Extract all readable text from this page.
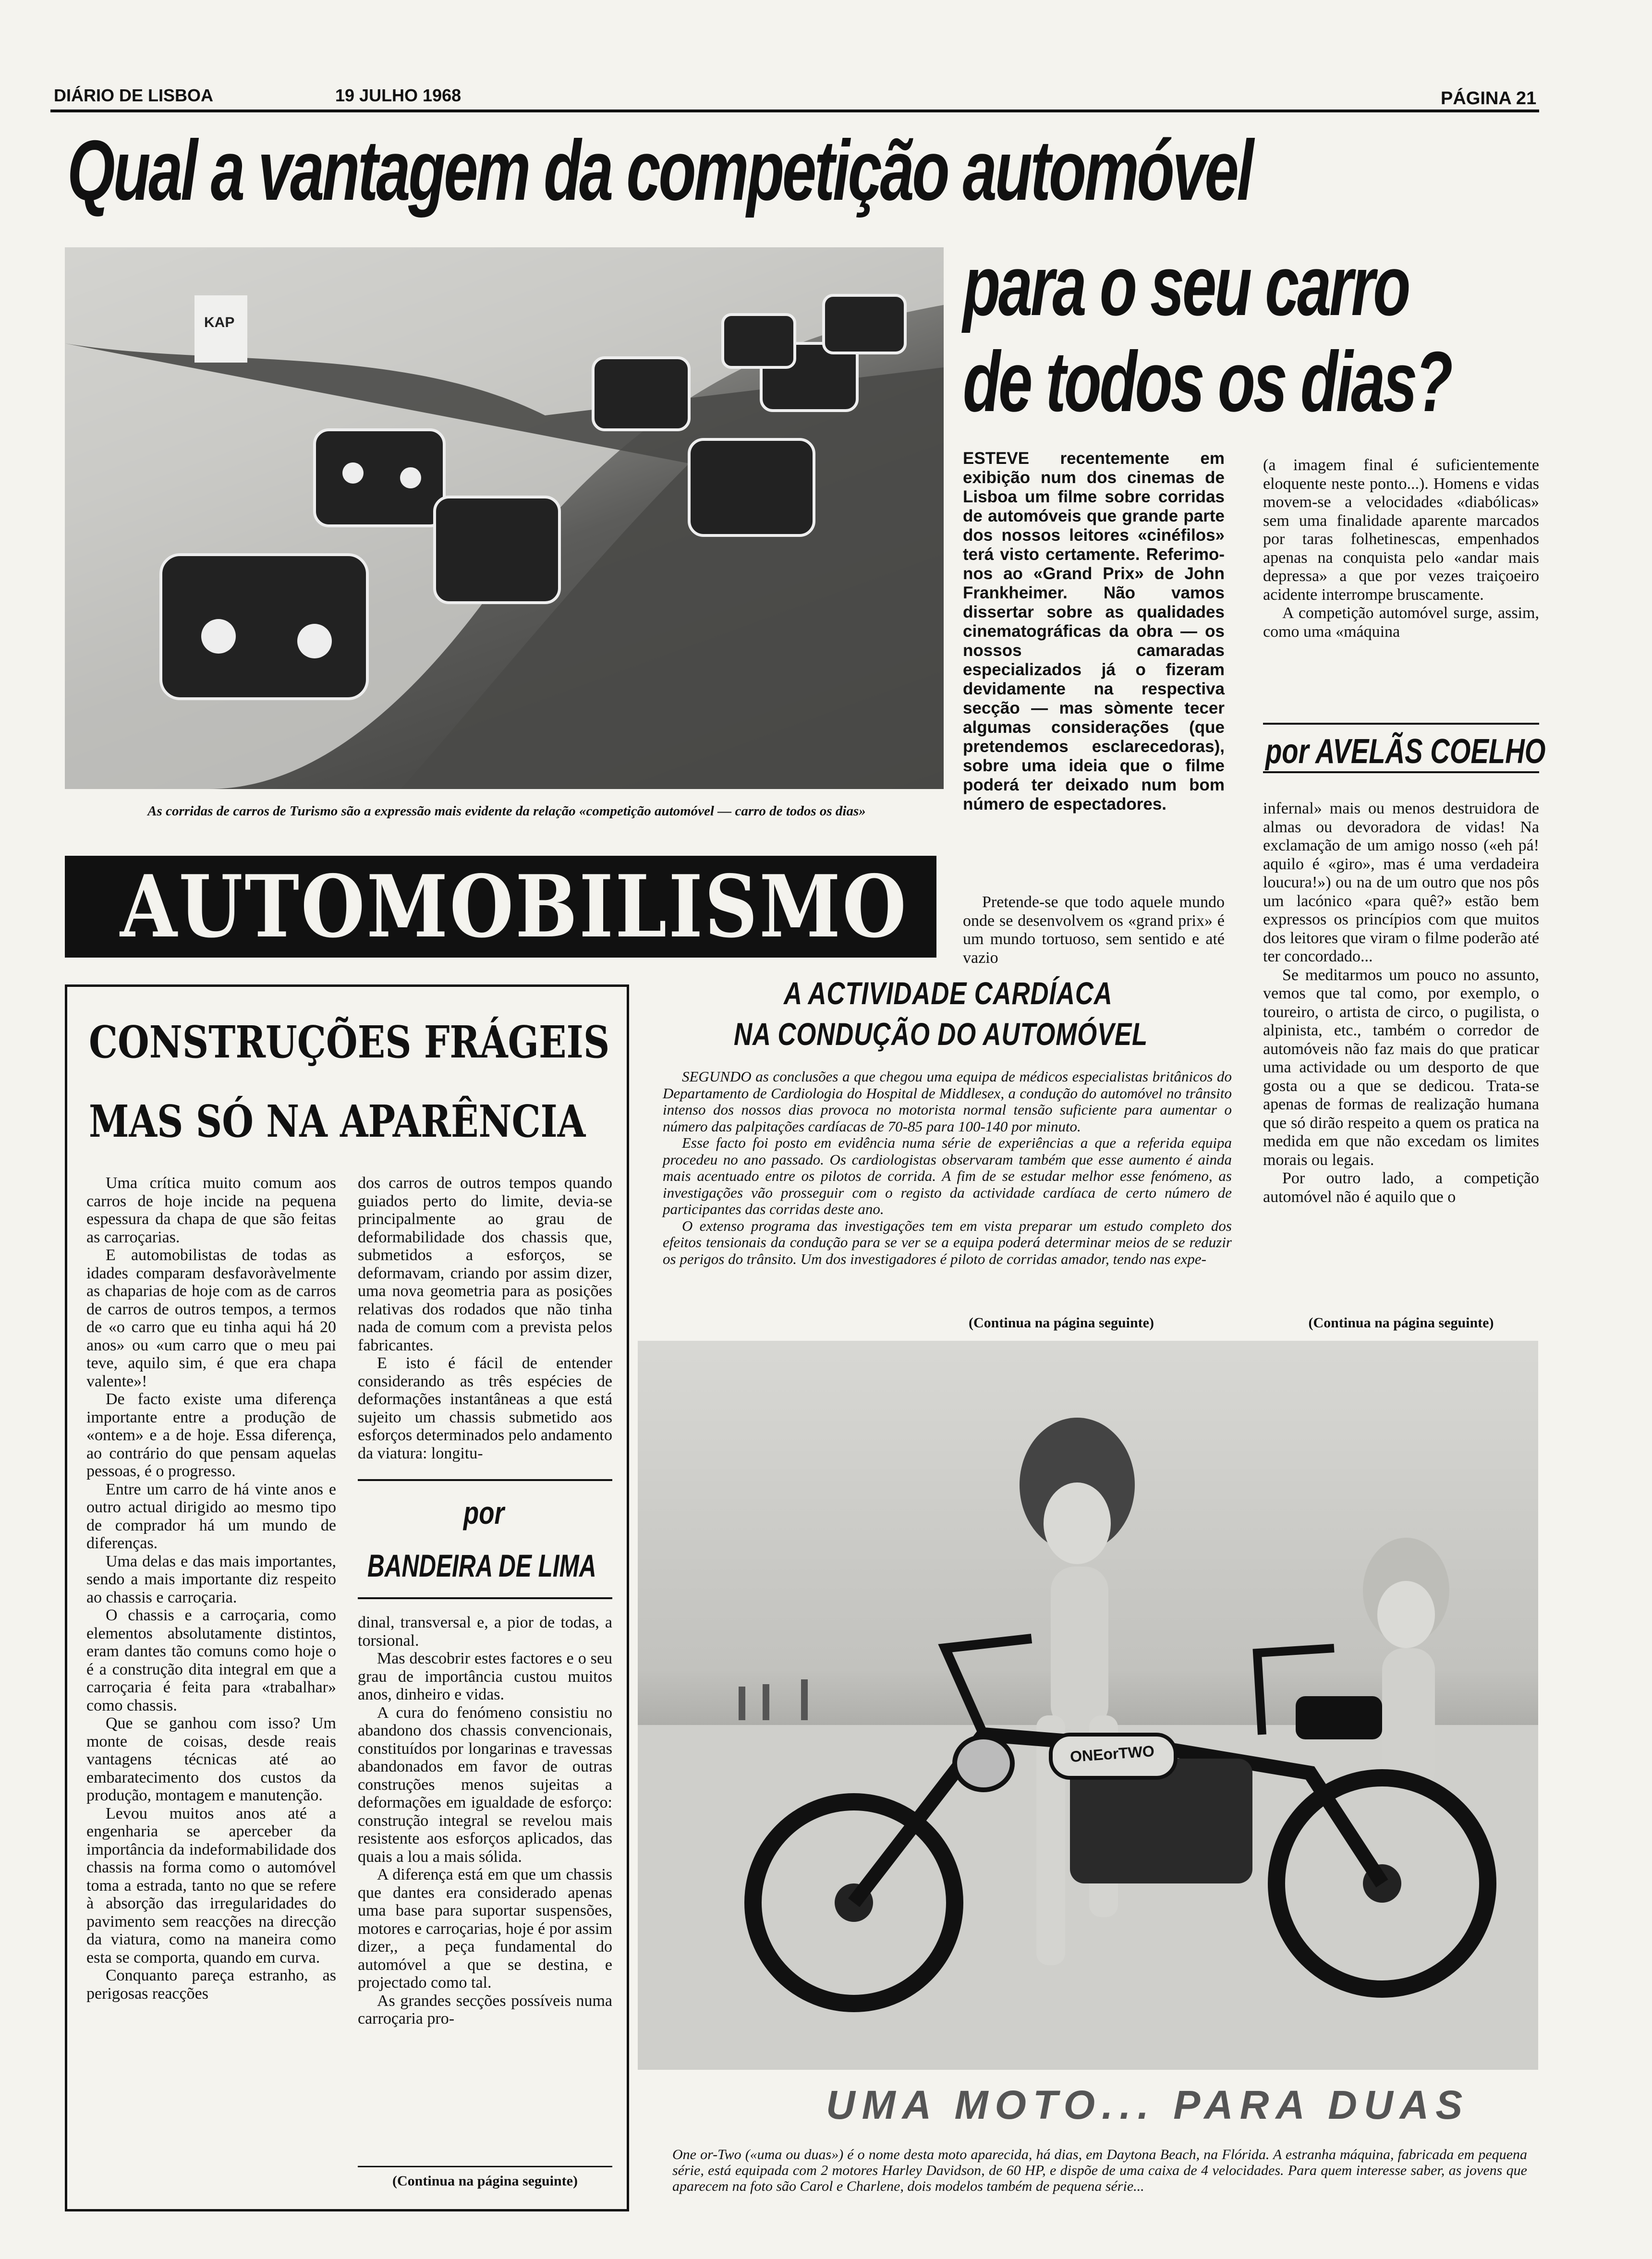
DIÁRIO DE LISBOA	19 JULHO 1968	PÁGINA 21
Qual a vantagem da competição automóvel
para o seu carro
de todos os dias?
KAP
As corridas de carros de Turismo são a expressão mais evidente da relação «competição automóvel — carro de todos os dias»
AUTOMOBILISMO
ESTEVE recentemente em exibição num dos cinemas de Lisboa um filme sobre corridas de automóveis que grande parte dos nossos leitores «cinéfilos» terá visto certamente. Referimo-nos ao «Grand Prix» de John Frankheimer. Não vamos dissertar sobre as qualidades cinematográficas da obra — os nossos camaradas especializados já o fizeram devidamente na respectiva secção — mas sòmente tecer algumas considerações (que pretendemos esclarecedoras), sobre uma ideia que o filme poderá ter deixado num bom número de espectadores.

Pretende-se que todo aquele mundo onde se desenvolvem os «grand prix» é um mundo tortuoso, sem sentido e até vazio

(a imagem final é suficientemente eloquente neste ponto...). Homens e vidas movem-se a velocidades «diabólicas» sem uma finalidade aparente marcados por taras folhetinescas, empenhados apenas na conquista pelo «andar mais depressa» a que por vezes traiçoeiro acidente interrompe bruscamente.

A competição automóvel surge, assim, como uma «máquina

por AVELÃS COELHO

infernal» mais ou menos destruidora de almas ou devoradora de vidas! Na exclamação de um amigo nosso («eh pá! aquilo é «giro», mas é uma verdadeira loucura!») ou na de um outro que nos pôs um lacónico «para quê?» estão bem expressos os princípios com que muitos dos leitores que viram o filme poderão até ter concordado...

Se meditarmos um pouco no assunto, vemos que tal como, por exemplo, o toureiro, o artista de circo, o pugilista, o alpinista, etc., também o corredor de automóveis não faz mais do que praticar uma actividade ou um desporto de que gosta ou a que se dedicou. Trata-se apenas de formas de realização humana que só dirão respeito a quem os pratica na medida em que não excedam os limites morais ou legais.

Por outro lado, a competição automóvel não é aquilo que o

(Continua na página seguinte)
A ACTIVIDADE CARDÍACA
NA CONDUÇÃO DO AUTOMÓVEL

SEGUNDO as conclusões a que chegou uma equipa de médicos especialistas britânicos do Departamento de Cardiologia do Hospital de Middlesex, a condução do automóvel no trânsito intenso dos nossos dias provoca no motorista normal tensão suficiente para aumentar o número das palpitações cardíacas de 70-85 para 100-140 por minuto.

Esse facto foi posto em evidência numa série de experiências a que a referida equipa procedeu no ano passado. Os cardiologistas observaram também que esse aumento é ainda mais acentuado entre os pilotos de corrida. A fim de se estudar melhor esse fenómeno, as investigações vão prosseguir com o registo da actividade cardíaca de certo número de participantes das corridas deste ano.

O extenso programa das investigações tem em vista preparar um estudo completo dos efeitos tensionais da condução para se ver se a equipa poderá determinar meios de se reduzir os perigos do trânsito. Um dos investigadores é piloto de corridas amador, tendo nas expe-

(Continua na página seguinte)
CONSTRUÇÕES FRÁGEIS
MAS SÓ NA APARÊNCIA

Uma crítica muito comum aos carros de hoje incide na pequena espessura da chapa de que são feitas as carroçarias.

E automobilistas de todas as idades comparam desfavoràvelmente as chaparias de hoje com as de carros de carros de outros tempos, a termos de «o carro que eu tinha aqui há 20 anos» ou «um carro que o meu pai teve, aquilo sim, é que era chapa valente»!

De facto existe uma diferença importante entre a produção de «ontem» e a de hoje. Essa diferença, ao contrário do que pensam aquelas pessoas, é o progresso.

Entre um carro de há vinte anos e outro actual dirigido ao mesmo tipo de comprador há um mundo de diferenças.

Uma delas e das mais importantes, sendo a mais importante diz respeito ao chassis e carroçaria.

O chassis e a carroçaria, como elementos absolutamente distintos, eram dantes tão comuns como hoje o é a construção dita integral em que a carroçaria é feita para «trabalhar» como chassis.

Que se ganhou com isso? Um monte de coisas, desde reais vantagens técnicas até ao embaratecimento dos custos da produção, montagem e manutenção.

Levou muitos anos até a engenharia se aperceber da importância da indeformabilidade dos chassis na forma como o automóvel toma a estrada, tanto no que se refere à absorção das irregularidades do pavimento sem reacções na direcção da viatura, como na maneira como esta se comporta, quando em curva.

Conquanto pareça estranho, as perigosas reacções

dos carros de outros tempos quando guiados perto do limite, devia-se principalmente ao grau de deformabilidade dos chassis que, submetidos a esforços, se deformavam, criando por assim dizer, uma nova geometria para as posições relativas dos rodados que não tinha nada de comum com a prevista pelos fabricantes.

E isto é fácil de entender considerando as três espécies de deformações instantâneas a que está sujeito um chassis submetido aos esforços determinados pelo andamento da viatura: longitu-

por
BANDEIRA DE LIMA

dinal, transversal e, a pior de todas, a torsional.

Mas descobrir estes factores e o seu grau de importância custou muitos anos, dinheiro e vidas.

A cura do fenómeno consistiu no abandono dos chassis convencionais, constituídos por longarinas e travessas abandonados em favor de outras construções menos sujeitas a deformações em igualdade de esforço: construção integral se revelou mais resistente aos esforços aplicados, das quais a lou a mais sólida.

A diferença está em que um chassis que dantes era considerado apenas uma base para suportar suspensões, motores e carroçarias, hoje é por assim dizer,, a peça fundamental do automóvel a que se destina, e projectado como tal.

As grandes secções possíveis numa carroçaria pro-

(Continua na página seguinte)
ONEorTWO
UMA MOTO... PARA DUAS
One or-Two («uma ou duas») é o nome desta moto aparecida, há dias, em Daytona Beach, na Flórida. A estranha máquina, fabricada em pequena série, está equipada com 2 motores Harley Davidson, de 60 HP, e dispõe de uma caixa de 4 velocidades. Para quem interesse saber, as jovens que aparecem na foto são Carol e Charlene, dois modelos também de pequena série...
